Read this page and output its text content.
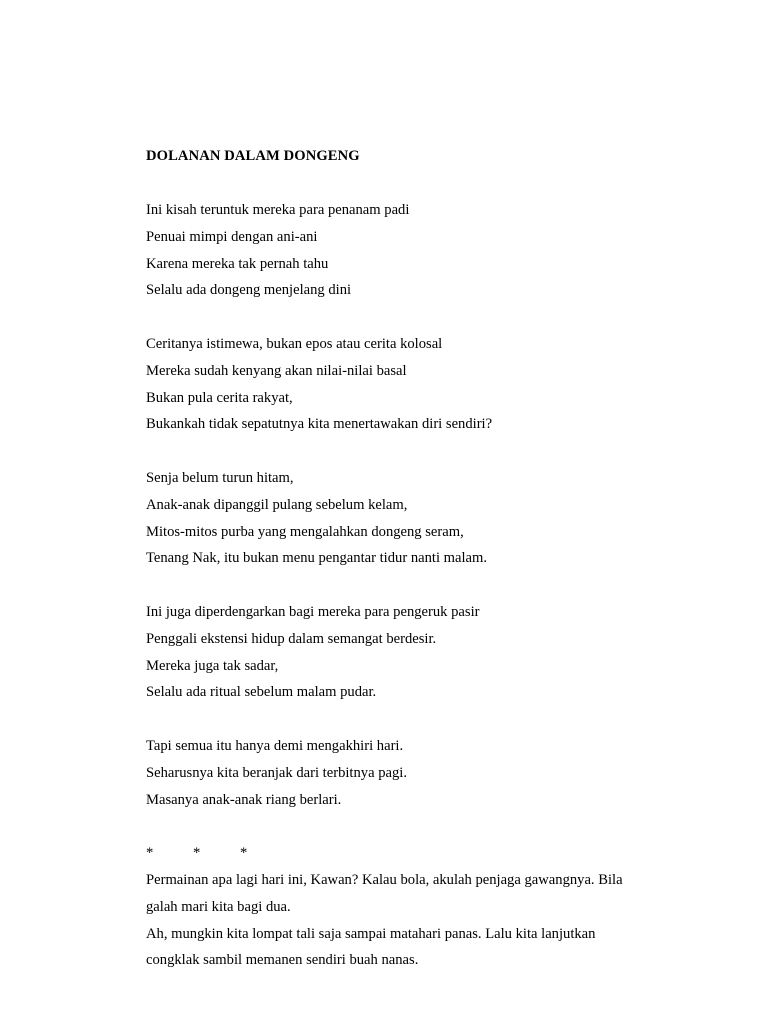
DOLANAN DALAM DONGENG

Ini kisah teruntuk mereka para penanam padi
Penuai mimpi dengan ani-ani
Karena mereka tak pernah tahu
Selalu ada dongeng menjelang dini
Ceritanya istimewa, bukan epos atau cerita kolosal
Mereka sudah kenyang akan nilai-nilai basal
Bukan pula cerita rakyat,
Bukankah tidak sepatutnya kita menertawakan diri sendiri?
Senja belum turun hitam,
Anak-anak dipanggil pulang sebelum kelam,
Mitos-mitos purba yang mengalahkan dongeng seram,
Tenang Nak, itu bukan menu pengantar tidur nanti malam.
Ini juga diperdengarkan bagi mereka para pengeruk pasir
Penggali ekstensi hidup dalam semangat berdesir.
Mereka juga tak sadar,
Selalu ada ritual sebelum malam pudar.
Tapi semua itu hanya demi mengakhiri hari.
Seharusnya kita beranjak dari terbitnya pagi.
Masanya anak-anak riang berlari.
*	*	*
Permainan apa lagi hari ini, Kawan? Kalau bola, akulah penjaga gawangnya. Bila
galah mari kita bagi dua.
Ah, mungkin kita lompat tali saja sampai matahari panas. Lalu kita lanjutkan
congklak sambil memanen sendiri buah nanas.
